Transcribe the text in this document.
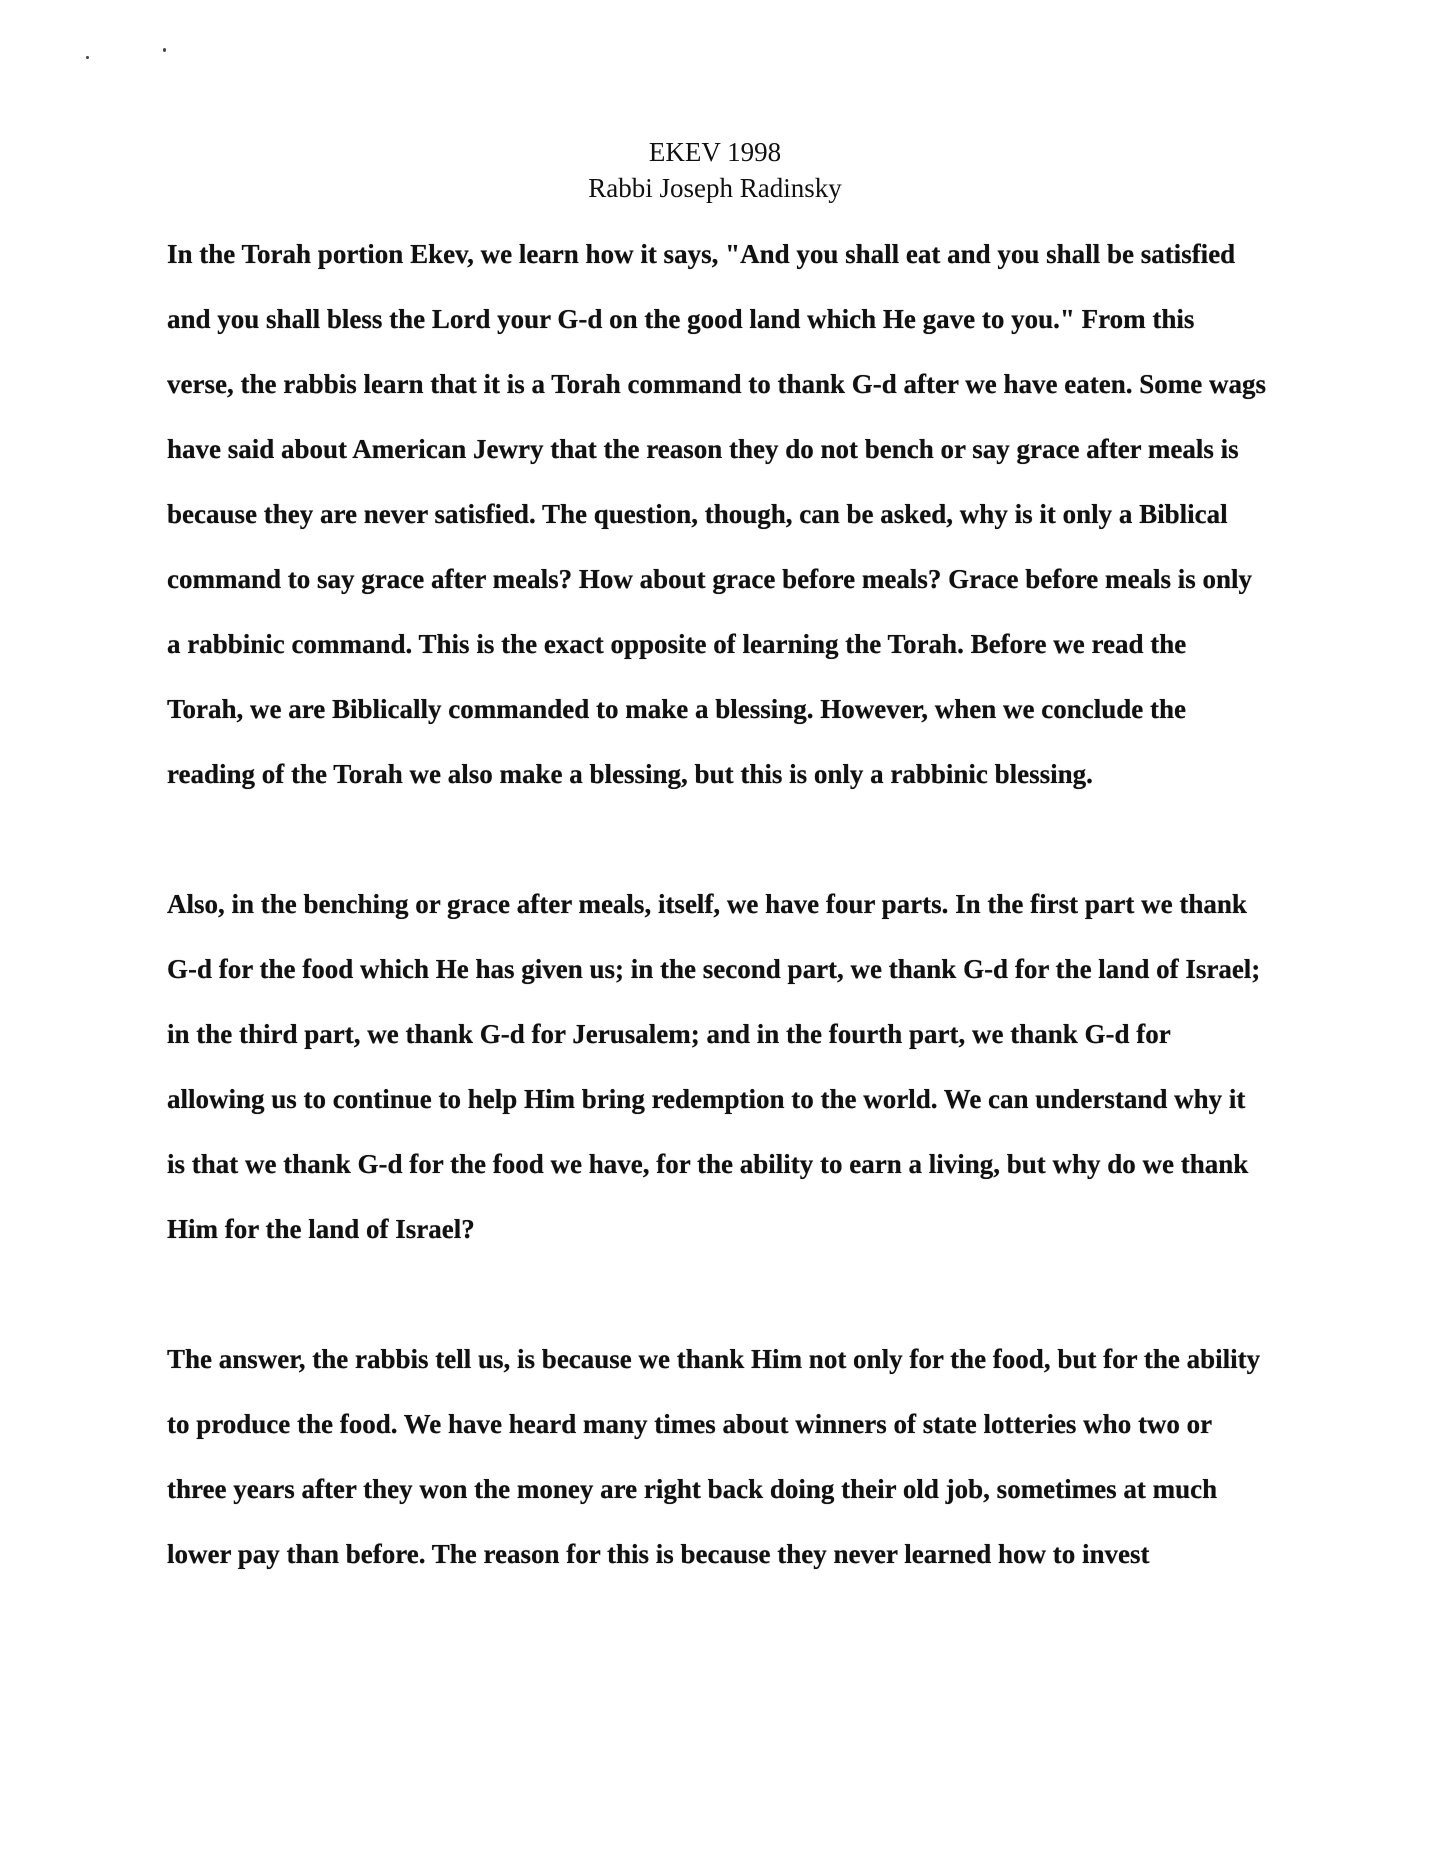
EKEV 1998
Rabbi Joseph Radinsky

In the Torah portion Ekev, we learn how it says, "And you shall eat and you shall be satisfied and you shall bless the Lord your G-d on the good land which He gave to you." From this verse, the rabbis learn that it is a Torah command to thank G-d after we have eaten. Some wags have said about American Jewry that the reason they do not bench or say grace after meals is because they are never satisfied. The question, though, can be asked, why is it only a Biblical command to say grace after meals? How about grace before meals? Grace before meals is only a rabbinic command. This is the exact opposite of learning the Torah. Before we read the Torah, we are Biblically commanded to make a blessing. However, when we conclude the reading of the Torah we also make a blessing, but this is only a rabbinic blessing.

Also, in the benching or grace after meals, itself, we have four parts. In the first part we thank G-d for the food which He has given us; in the second part, we thank G-d for the land of Israel; in the third part, we thank G-d for Jerusalem; and in the fourth part, we thank G-d for allowing us to continue to help Him bring redemption to the world. We can understand why it is that we thank G-d for the food we have, for the ability to earn a living, but why do we thank Him for the land of Israel?

The answer, the rabbis tell us, is because we thank Him not only for the food, but for the ability to produce the food. We have heard many times about winners of state lotteries who two or three years after they won the money are right back doing their old job, sometimes at much lower pay than before. The reason for this is because they never learned how to invest
